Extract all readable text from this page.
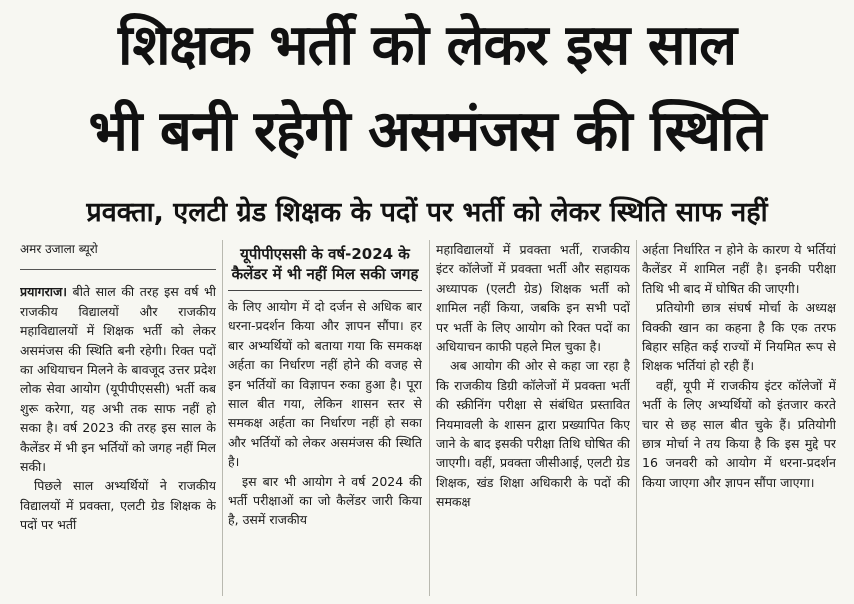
शिक्षक भर्ती को लेकर इस साल
भी बनी रहेगी असमंजस की स्थिति
प्रवक्ता, एलटी ग्रेड शिक्षक के पदों पर भर्ती को लेकर स्थिति साफ नहीं

अमर उजाला ब्यूरो

प्रयागराज। बीते साल की तरह इस वर्ष भी राजकीय विद्यालयों और राजकीय महाविद्यालयों में शिक्षक भर्ती को लेकर असमंजस की स्थिति बनी रहेगी। रिक्त पदों का अधियाचन मिलने के बावजूद उत्तर प्रदेश लोक सेवा आयोग (यूपीपीएससी) भर्ती कब शुरू करेगा, यह अभी तक साफ नहीं हो सका है। वर्ष 2023 की तरह इस साल के कैलेंडर में भी इन भर्तियों को जगह नहीं मिल सकी।

पिछले साल अभ्यर्थियों ने राजकीय विद्यालयों में प्रवक्ता, एलटी ग्रेड शिक्षक के पदों पर भर्ती

यूपीपीएससी के वर्ष-2024 के कैलेंडर में भी नहीं मिल सकी जगह

के लिए आयोग में दो दर्जन से अधिक बार धरना-प्रदर्शन किया और ज्ञापन सौंपा। हर बार अभ्यर्थियों को बताया गया कि समकक्ष अर्हता का निर्धारण नहीं होने की वजह से इन भर्तियों का विज्ञापन रुका हुआ है। पूरा साल बीत गया, लेकिन शासन स्तर से समकक्ष अर्हता का निर्धारण नहीं हो सका और भर्तियों को लेकर असमंजस की स्थिति है।

इस बार भी आयोग ने वर्ष 2024 की भर्ती परीक्षाओं का जो कैलेंडर जारी किया है, उसमें राजकीय

महाविद्यालयों में प्रवक्ता भर्ती, राजकीय इंटर कॉलेजों में प्रवक्ता भर्ती और सहायक अध्यापक (एलटी ग्रेड) शिक्षक भर्ती को शामिल नहीं किया, जबकि इन सभी पदों पर भर्ती के लिए आयोग को रिक्त पदों का अधियाचन काफी पहले मिल चुका है।

अब आयोग की ओर से कहा जा रहा है कि राजकीय डिग्री कॉलेजों में प्रवक्ता भर्ती की स्क्रीनिंग परीक्षा से संबंधित प्रस्तावित नियमावली के शासन द्वारा प्रख्यापित किए जाने के बाद इसकी परीक्षा तिथि घोषित की जाएगी। वहीं, प्रवक्ता जीसीआई, एलटी ग्रेड शिक्षक, खंड शिक्षा अधिकारी के पदों की समकक्ष

अर्हता निर्धारित न होने के कारण ये भर्तियां कैलेंडर में शामिल नहीं है। इनकी परीक्षा तिथि भी बाद में घोषित की जाएगी।

प्रतियोगी छात्र संघर्ष मोर्चा के अध्यक्ष विक्की खान का कहना है कि एक तरफ बिहार सहित कई राज्यों में नियमित रूप से शिक्षक भर्तियां हो रही हैं।

वहीं, यूपी में राजकीय इंटर कॉलेजों में भर्ती के लिए अभ्यर्थियों को इंतजार करते चार से छह साल बीत चुके हैं। प्रतियोगी छात्र मोर्चा ने तय किया है कि इस मुद्दे पर 16 जनवरी को आयोग में धरना-प्रदर्शन किया जाएगा और ज्ञापन सौंपा जाएगा।
